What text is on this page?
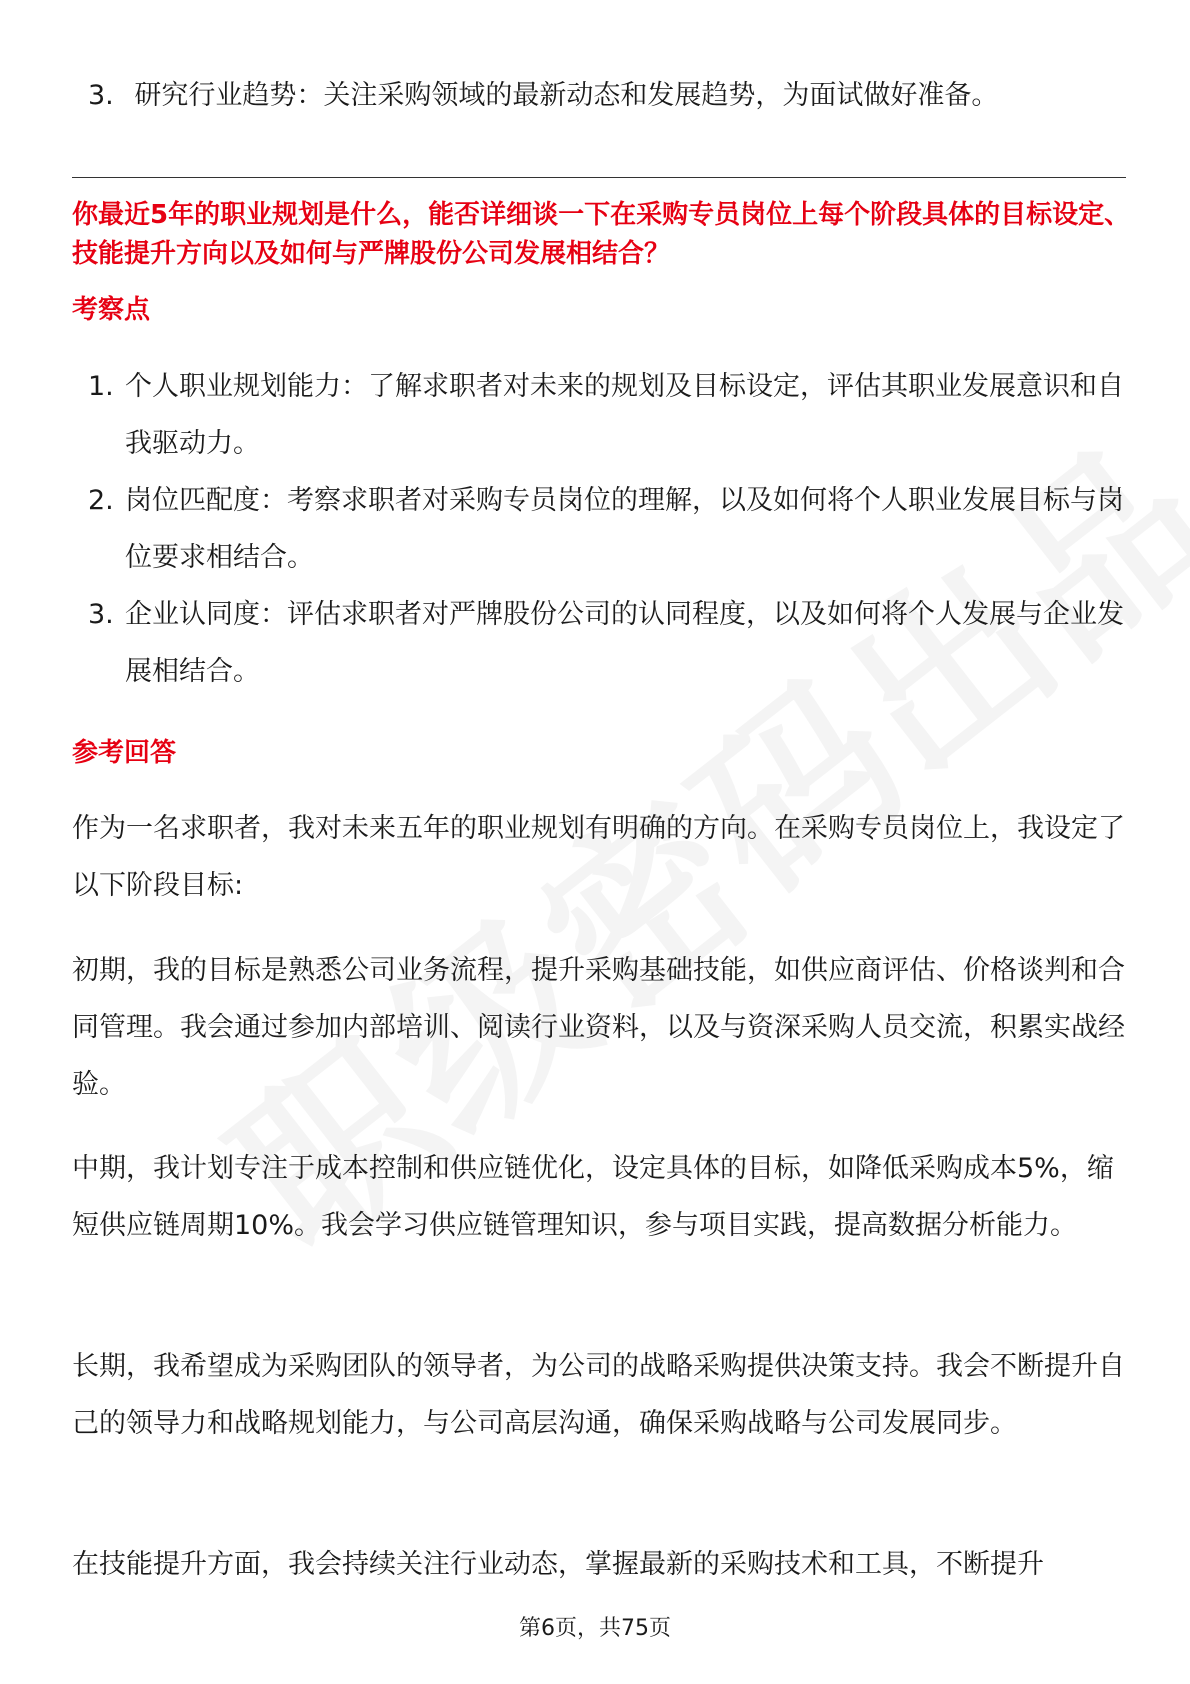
3. 研究行业趋势：关注采购领域的最新动态和发展趋势，为面试做好准备。
你最近5年的职业规划是什么，能否详细谈一下在采购专员岗位上每个阶段具体的目标设定、技能提升方向以及如何与严牌股份公司发展相结合？
考察点
1. 个人职业规划能力：了解求职者对未来的规划及目标设定，评估其职业发展意识和自我驱动力。
2. 岗位匹配度：考察求职者对采购专员岗位的理解，以及如何将个人职业发展目标与岗位要求相结合。
3. 企业认同度：评估求职者对严牌股份公司的认同程度，以及如何将个人发展与企业发展相结合。
参考回答

作为一名求职者，我对未来五年的职业规划有明确的方向。在采购专员岗位上，我设定了以下阶段目标:

初期，我的目标是熟悉公司业务流程，提升采购基础技能，如供应商评估、价格谈判和合同管理。我会通过参加内部培训、阅读行业资料，以及与资深采购人员交流，积累实战经验。

中期，我计划专注于成本控制和供应链优化，设定具体的目标，如降低采购成本5%，缩短供应链周期10%。我会学习供应链管理知识，参与项目实践，提高数据分析能力。

长期，我希望成为采购团队的领导者，为公司的战略采购提供决策支持。我会不断提升自己的领导力和战略规划能力，与公司高层沟通，确保采购战略与公司发展同步。

在技能提升方面，我会持续关注行业动态，掌握最新的采购技术和工具，不断提升

第6页，共75页
